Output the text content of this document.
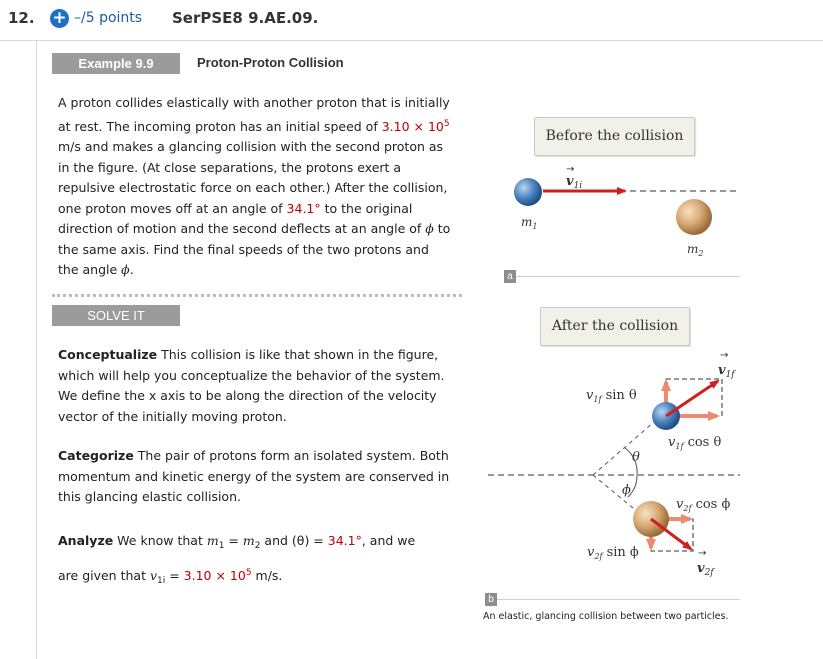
12. + –/5 points SerPSE8 9.AE.09.
Example 9.9	Proton-Proton Collision
A proton collides elastically with another proton that is initially at rest. The incoming proton has an initial speed of $3.10 \times 10^5$ m/s and makes a glancing collision with the second proton as in the figure. (At close separations, the protons exert a repulsive electrostatic force on each other.) After the collision, one proton moves off at an angle of 34.1° to the original direction of motion and the second deflects at an angle of ϕ to the same axis. Find the final speeds of the two protons and the angle ϕ.
SOLVE IT
Conceptualize This collision is like that shown in the figure, which will help you conceptualize the behavior of the system. We define the x axis to be along the direction of the velocity vector of the initially moving proton.
Categorize The pair of protons form an isolated system. Both momentum and kinetic energy of the system are conserved in this glancing elastic collision.
Analyze We know that $m_1 = m_2$ and (θ) = 34.1°, and we
are given that $v_{1i} = 3.10 \times 10^5$ m/s.
Before the collision
After the collision
$v_{1i}$
→
$m_1$
$m_2$
θ
ϕ
→
$v_{1f}$
$v_{1f}$ sin θ
$v_{1f}$ cos θ
$v_{2f}$ cos ϕ
$v_{2f}$ sin ϕ	→
$v_{2f}$
a
b
An elastic, glancing collision between two particles.
